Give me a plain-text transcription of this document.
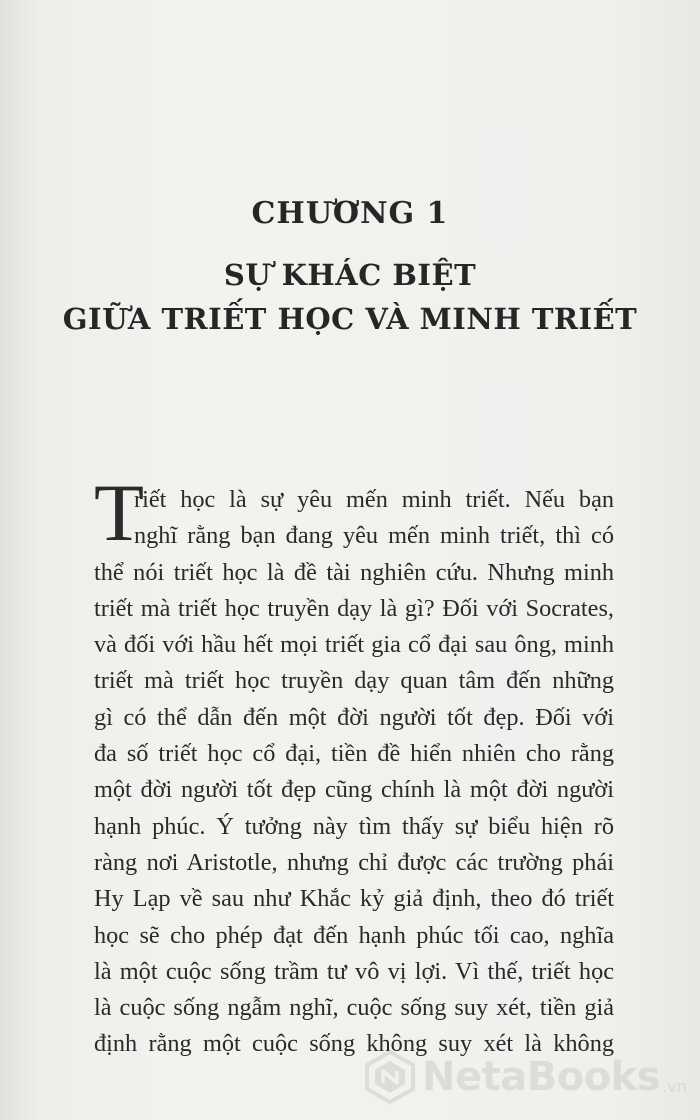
CHƯƠNG 1
SỰ KHÁC BIỆT
GIỮA TRIẾT HỌC VÀ MINH TRIẾT
T
riết học là sự yêu mến minh triết. Nếu bạn
nghĩ rằng bạn đang yêu mến minh triết, thì có
thể nói triết học là đề tài nghiên cứu. Nhưng minh
triết mà triết học truyền dạy là gì? Đối với Socrates,
và đối với hầu hết mọi triết gia cổ đại sau ông, minh
triết mà triết học truyền dạy quan tâm đến những
gì có thể dẫn đến một đời người tốt đẹp. Đối với
đa số triết học cổ đại, tiền đề hiển nhiên cho rằng
một đời người tốt đẹp cũng chính là một đời người
hạnh phúc. Ý tưởng này tìm thấy sự biểu hiện rõ
ràng nơi Aristotle, nhưng chỉ được các trường phái
Hy Lạp về sau như Khắc kỷ giả định, theo đó triết
học sẽ cho phép đạt đến hạnh phúc tối cao, nghĩa
là một cuộc sống trầm tư vô vị lợi. Vì thế, triết học
là cuộc sống ngẫm nghĩ, cuộc sống suy xét, tiền giả
định rằng một cuộc sống không suy xét là không
NetaBooks .vn
